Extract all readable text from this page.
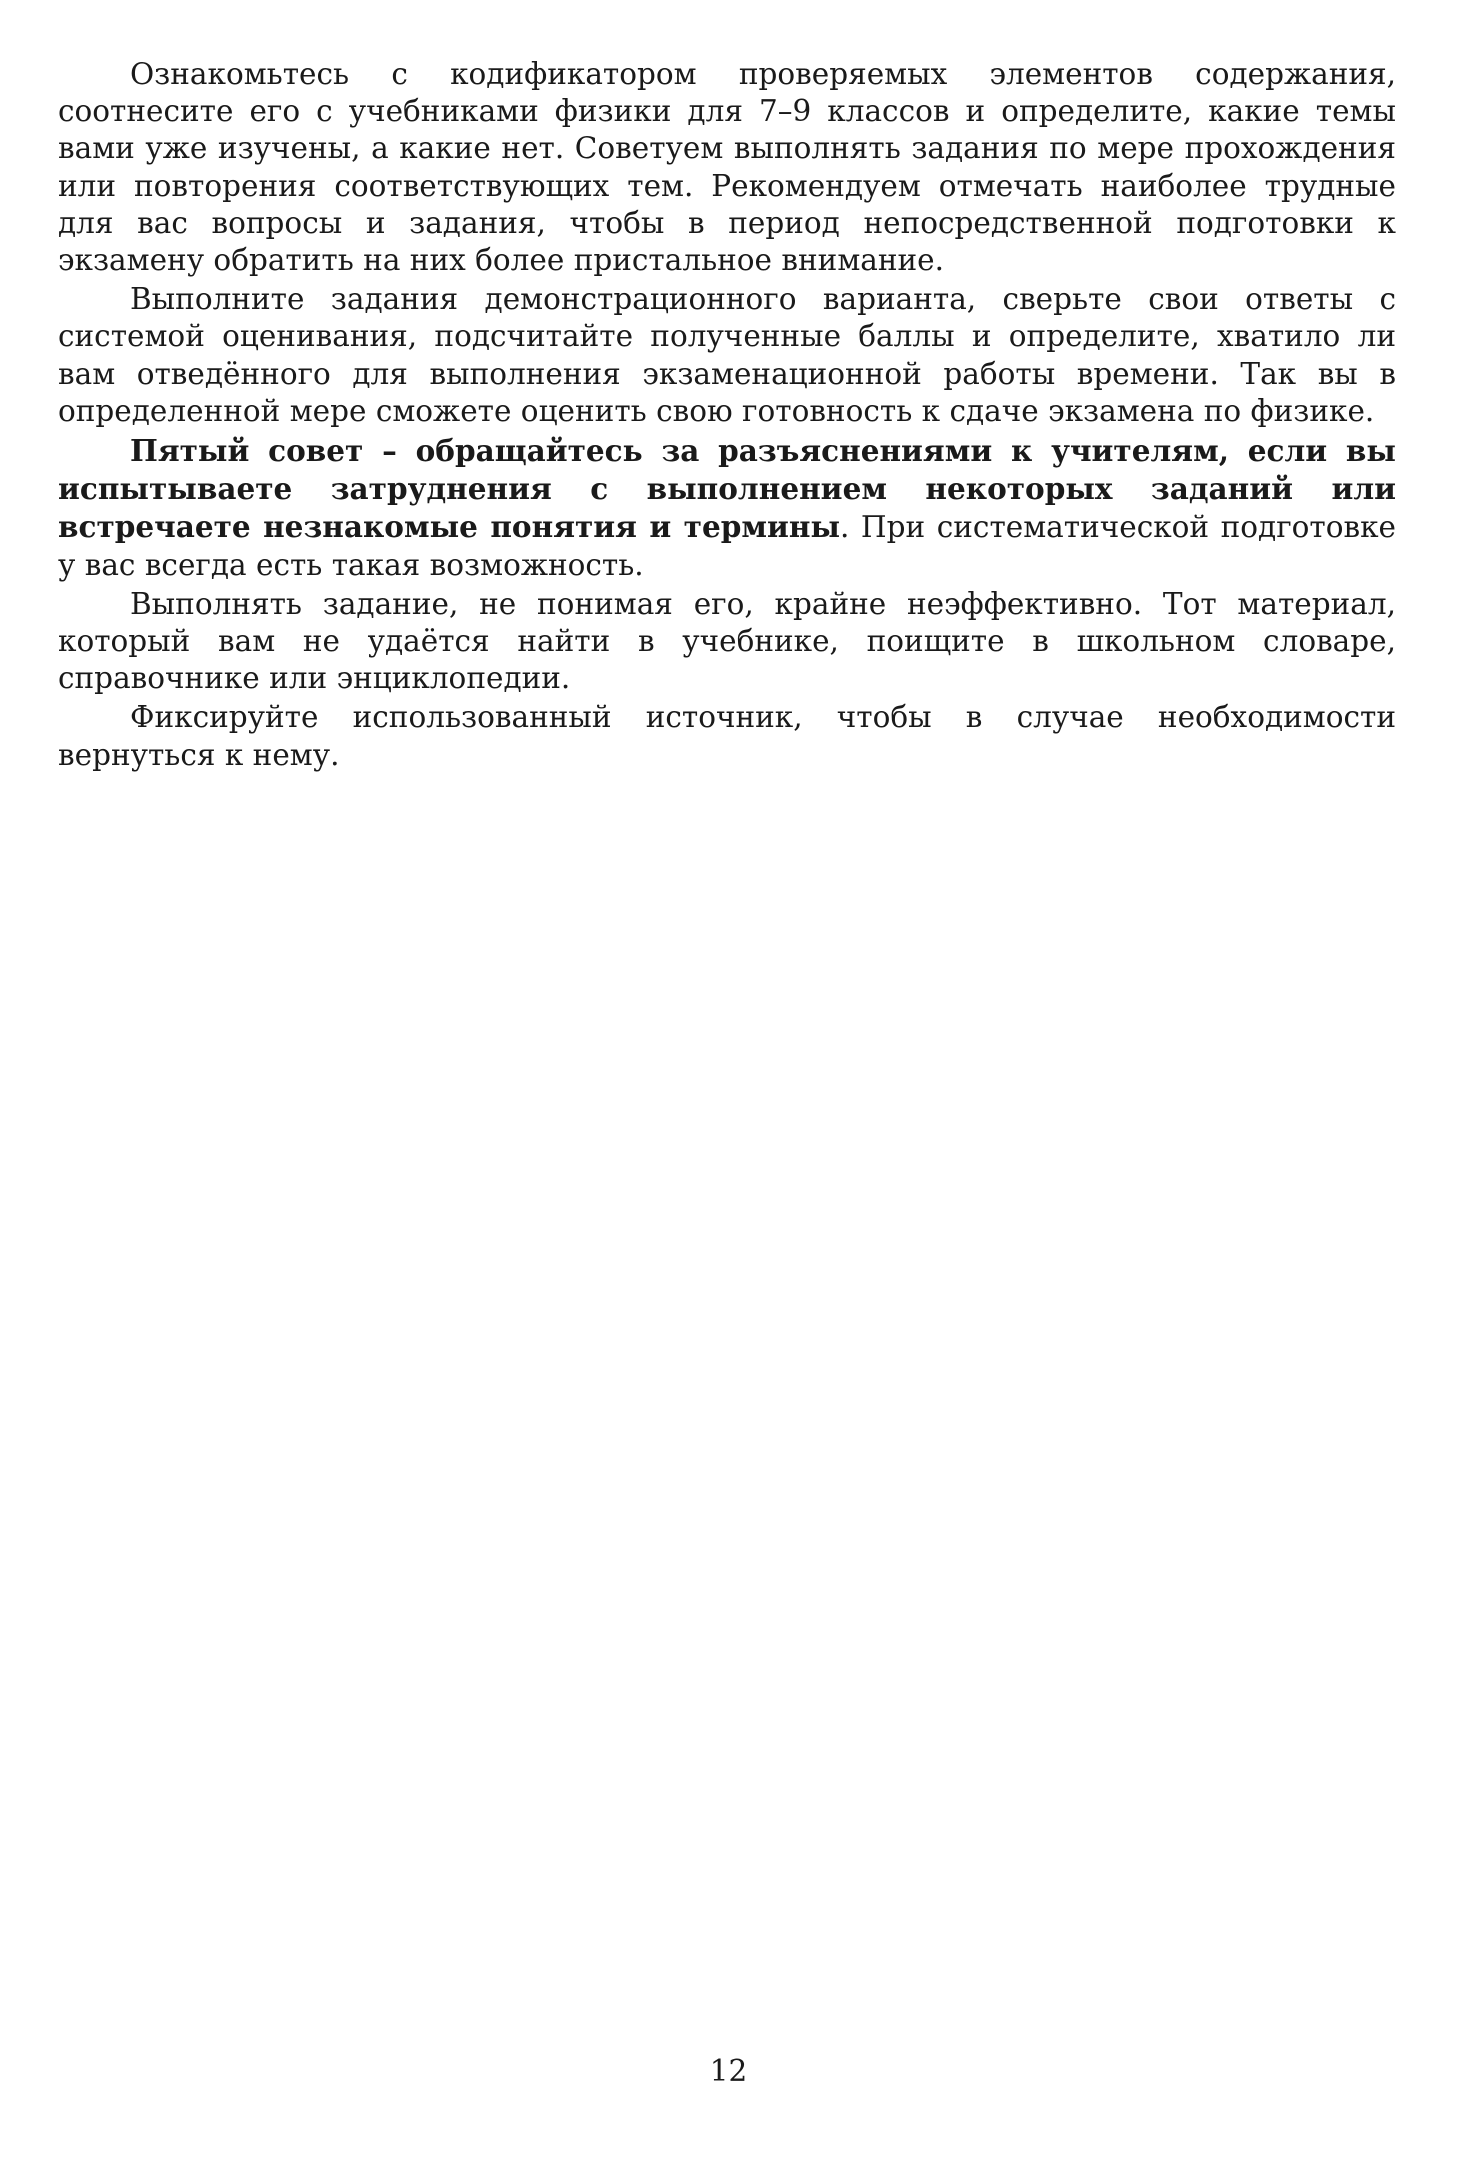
Ознакомьтесь с кодификатором проверяемых элементов содержания, соотнесите его с учебниками физики для 7–9 классов и определите, какие темы вами уже изучены, а какие нет. Советуем выполнять задания по мере прохождения или повторения соответствующих тем. Рекомендуем отмечать наиболее трудные для вас вопросы и задания, чтобы в период непосредственной подготовки к экзамену обратить на них более пристальное внимание.

Выполните задания демонстрационного варианта, сверьте свои ответы с системой оценивания, подсчитайте полученные баллы и определите, хватило ли вам отведённого для выполнения экзаменационной работы времени. Так вы в определенной мере сможете оценить свою готовность к сдаче экзамена по физике.

Пятый совет – обращайтесь за разъяснениями к учителям, если вы испытываете затруднения с выполнением некоторых заданий или встречаете незнакомые понятия и термины. При систематической подготовке у вас всегда есть такая возможность.

Выполнять задание, не понимая его, крайне неэффективно. Тот материал, который вам не удаётся найти в учебнике, поищите в школьном словаре, справочнике или энциклопедии.

Фиксируйте использованный источник, чтобы в случае необходимости вернуться к нему.

12
